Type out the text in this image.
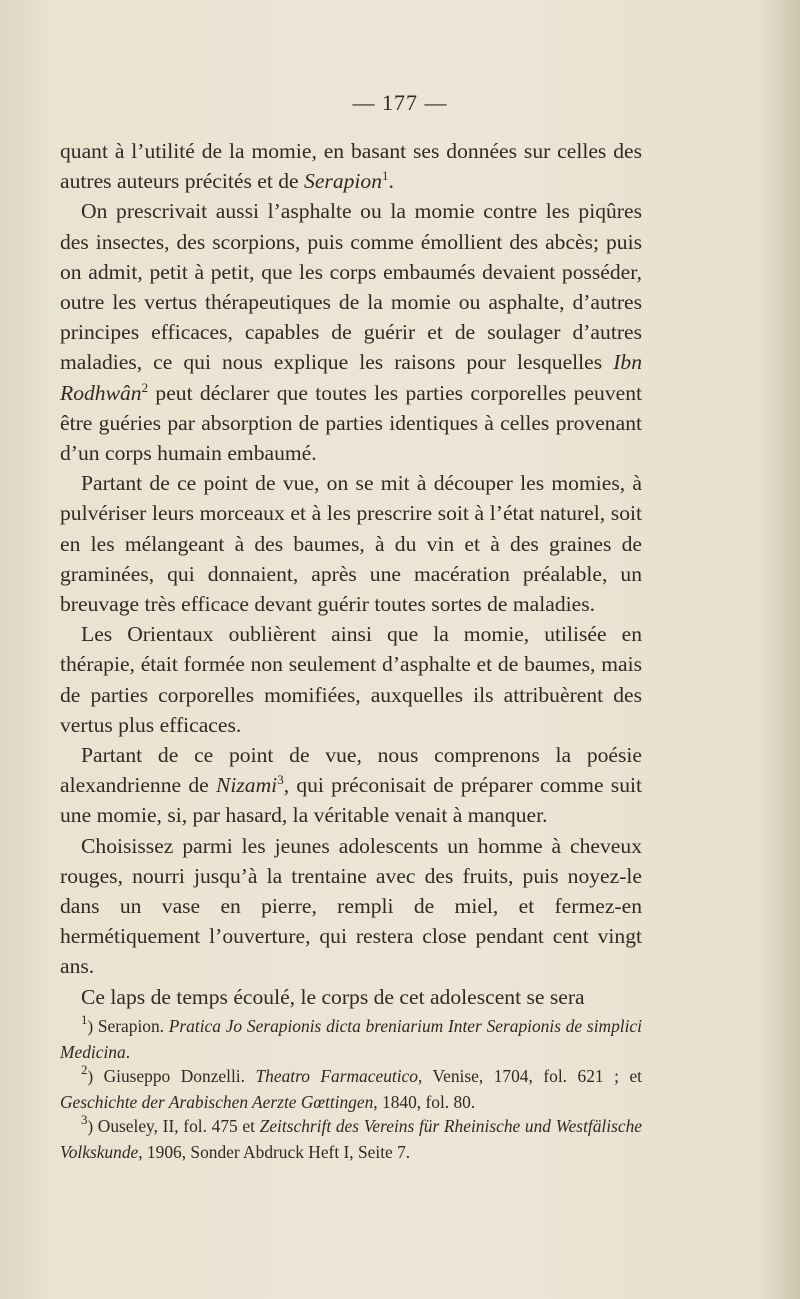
— 177 —

quant à l’utilité de la momie, en basant ses données sur celles des autres auteurs précités et de Serapion$^1$.

On prescrivait aussi l’asphalte ou la momie contre les piqûres des insectes, des scorpions, puis comme émollient des abcès; puis on admit, petit à petit, que les corps embaumés devaient posséder, outre les vertus thérapeutiques de la momie ou asphalte, d’autres principes efficaces, capables de guérir et de soulager d’autres maladies, ce qui nous explique les raisons pour lesquelles Ibn Rodhwân$^2$ peut déclarer que toutes les parties corporelles peuvent être guéries par absorption de parties identiques à celles provenant d’un corps humain embaumé.

Partant de ce point de vue, on se mit à découper les momies, à pulvériser leurs morceaux et à les prescrire soit à l’état naturel, soit en les mélangeant à des baumes, à du vin et à des graines de graminées, qui donnaient, après une macération préalable, un breuvage très efficace devant guérir toutes sortes de maladies.

Les Orientaux oublièrent ainsi que la momie, utilisée en thérapie, était formée non seulement d’asphalte et de baumes, mais de parties corporelles momifiées, auxquelles ils attribuèrent des vertus plus efficaces.

Partant de ce point de vue, nous comprenons la poésie alexandrienne de Nizami$^3$, qui préconisait de préparer comme suit une momie, si, par hasard, la véritable venait à manquer.

Choisissez parmi les jeunes adolescents un homme à cheveux rouges, nourri jusqu’à la trentaine avec des fruits, puis noyez-le dans un vase en pierre, rempli de miel, et fermez-en hermétiquement l’ouverture, qui restera close pendant cent vingt ans.

Ce laps de temps écoulé, le corps de cet adolescent se sera

$^1$) Serapion. Pratica Jo Serapionis dicta breniarium Inter Serapionis de simplici Medicina.

$^2$) Giuseppo Donzelli. Theatro Farmaceutico, Venise, 1704, fol. 621 ; et Geschichte der Arabischen Aerzte Gœttingen, 1840, fol. 80.

$^3$) Ouseley, II, fol. 475 et Zeitschrift des Vereins für Rheinische und Westfälische Volkskunde, 1906, Sonder Abdruck Heft I, Seite 7.
